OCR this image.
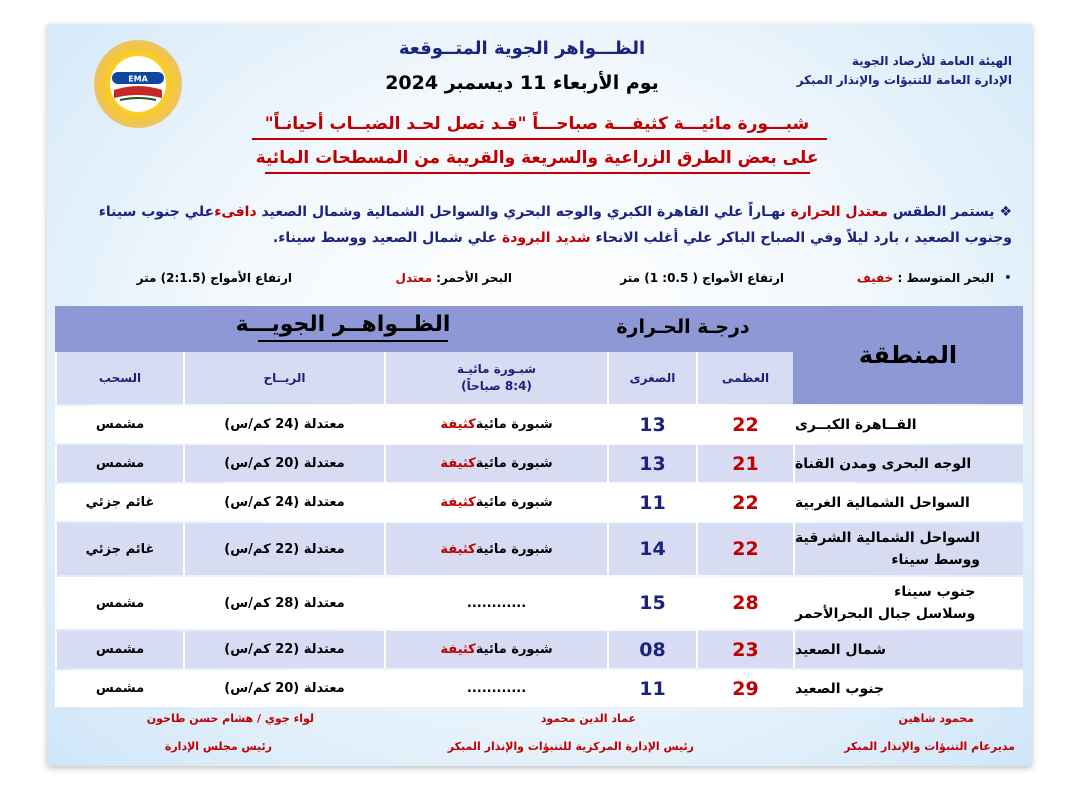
الهيئة العامة للأرصاد الجوية
الإدارة العامة للتنبؤات والإنذار المبكر
EMA
الظـــواهر الجوية المتــوقعة
يوم الأربعاء 11 ديسمبر 2024
شبـــورة مائيـــة كثيفـــة صباحـــاً "قـد تصل لحـد الضبــاب أحيانـاً"
على بعض الطرق الزراعية والسريعة والقريبة من المسطحات المائية
❖ يستمر الطقس معتدل الحرارة نهـاراً علي القاهرة الكبري والوجه البحري والسواحل الشمالية وشمال الصعيد دافىءعلي جنوب سيناء وجنوب الصعيد ، بارد ليلاً وفي الصباح الباكر علي أغلب الانحاء شديد البرودة علي شمال الصعيد ووسط سيناء.
•
البحر المتوسط : خفيف
ارتفاع الأمواج ( 0.5: 1) متر
البحر الأحمر: معتدل
ارتفاع الأمواج (2:1.5) متر
المنطقة
درجـة الحـرارة
الظــواهــر الجويـــة
العظمى
الصغرى
شبـورة مائيـة
(8:4 صباحاً)
الريــاح
السحب
القــاهرة الكبــرى
22
13
شبورة مائية
كثيفة
معتدلة (24 كم/س)
مشمس
الوجه البحرى ومدن القناة
21
13
شبورة مائية
كثيفة
معتدلة (20 كم/س)
مشمس
السواحل الشمالية الغربية
22
11
شبورة مائية
كثيفة
معتدلة (24 كم/س)
غائم جزئي
السواحل الشمالية الشرقية
ووسط سيناء
22
14
شبورة مائية
كثيفة
معتدلة (22 كم/س)
غائم جزئي
جنوب سيناء
وسلاسل جبال البحرالأحمر
28
15
............
معتدلة (28 كم/س)
مشمس
شمال الصعيد
23
08
شبورة مائية
كثيفة
معتدلة (22 كم/س)
مشمس
جنوب الصعيد
29
11
............
معتدلة (20 كم/س)
مشمس
محمود شاهين
مديرعام التنبؤات والإنذار المبكر
عماد الدين محمود
رئيس الإدارة المركزية للتنبؤات والإنذار المبكر
لواء جوي / هشام حسن طاحون
رئيس مجلس الإدارة
